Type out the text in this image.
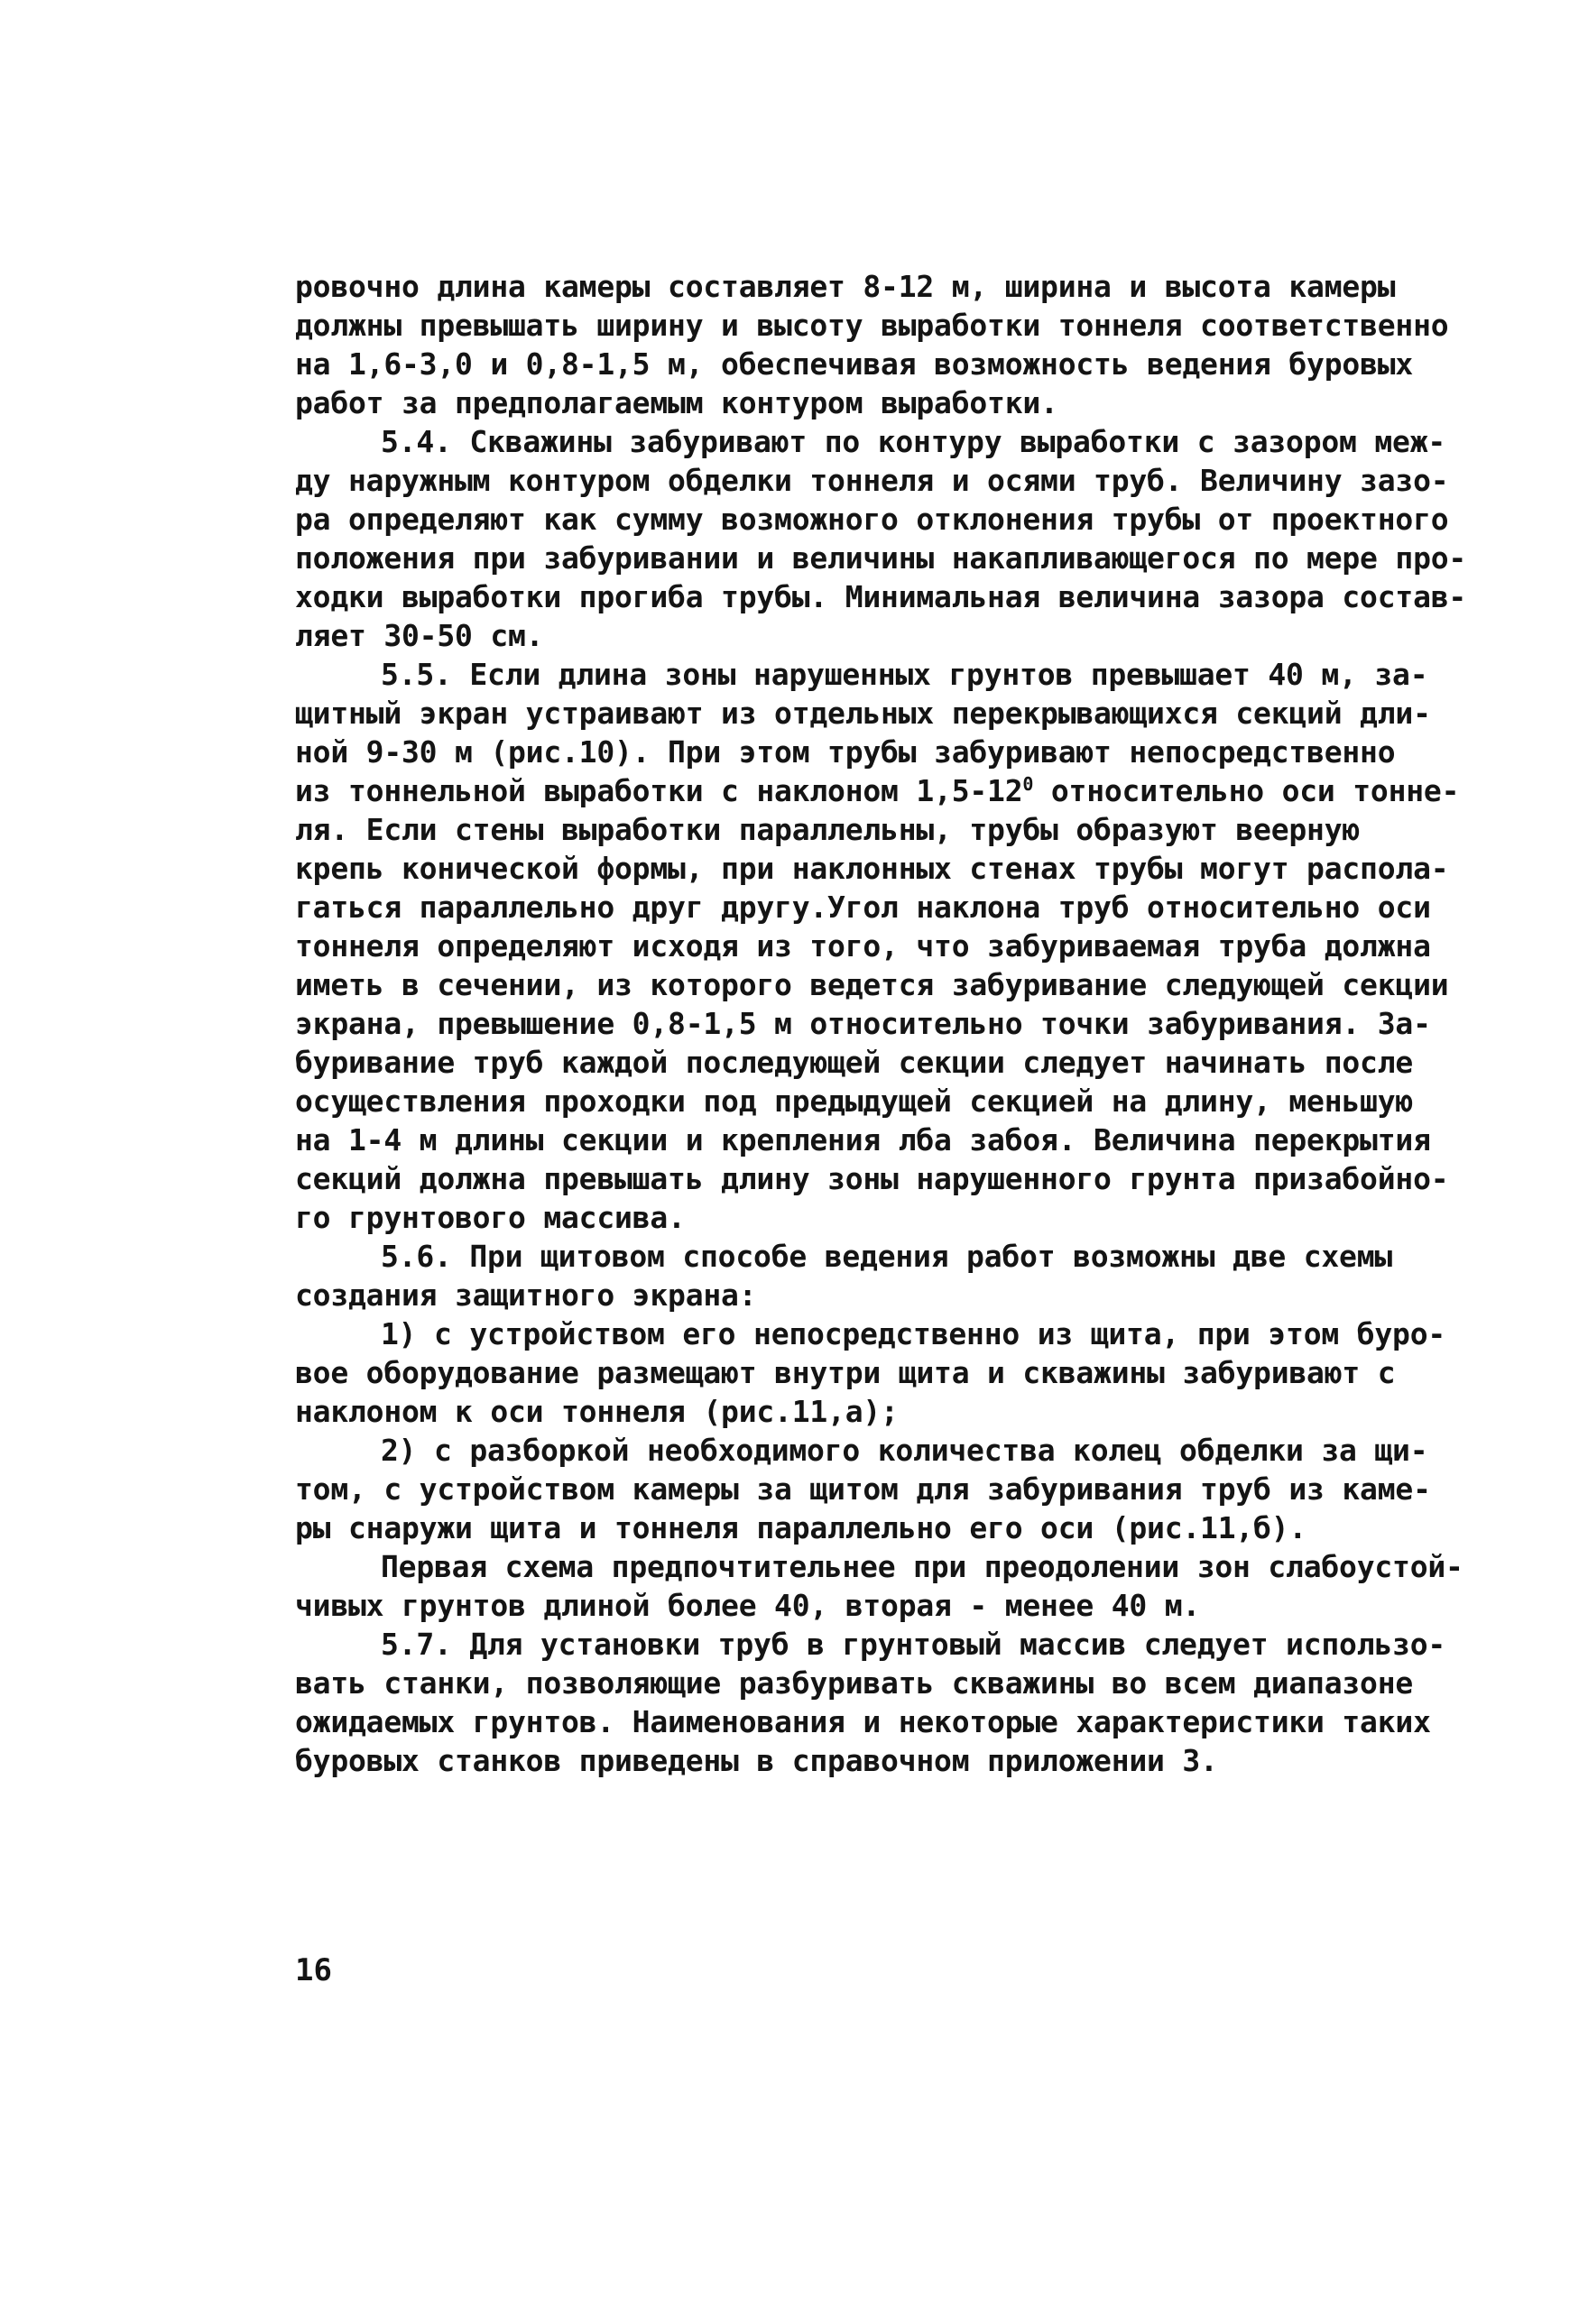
ровочно длина камеры составляет 8-12 м, ширина и высота камеры
должны превышать ширину и высоту выработки тоннеля соответственно
на 1,6-3,0 и 0,8-1,5 м, обеспечивая возможность ведения буровых
работ за предполагаемым контуром выработки.
5.4. Скважины забуривают по контуру выработки с зазором меж-
ду наружным контуром обделки тоннеля и осями труб. Величину зазо-
ра определяют как сумму возможного отклонения трубы от проектного
положения при забуривании и величины накапливающегося по мере про-
ходки выработки прогиба трубы. Минимальная величина зазора состав-
ляет 30-50 см.
5.5. Если длина зоны нарушенных грунтов превышает 40 м, за-
щитный экран устраивают из отдельных перекрывающихся секций дли-
ной 9-30 м (рис.10). При этом трубы забуривают непосредственно
из тоннельной выработки с наклоном $1,5-12^0$ относительно оси тонне-
ля. Если стены выработки параллельны, трубы образуют веерную
крепь конической формы, при наклонных стенах трубы могут распола-
гаться параллельно друг другу.Угол наклона труб относительно оси
тоннеля определяют исходя из того, что забуриваемая труба должна
иметь в сечении, из которого ведется забуривание следующей секции
экрана, превышение 0,8-1,5 м относительно точки забуривания. За-
буривание труб каждой последующей секции следует начинать после
осуществления проходки под предыдущей секцией на длину, меньшую
на 1-4 м длины секции и крепления лба забоя. Величина перекрытия
секций должна превышать длину зоны нарушенного грунта призабойно-
го грунтового массива.
5.6. При щитовом способе ведения работ возможны две схемы
создания защитного экрана:
1) с устройством его непосредственно из щита, при этом буро-
вое оборудование размещают внутри щита и скважины забуривают с
наклоном к оси тоннеля (рис.11,а);
2) с разборкой необходимого количества колец обделки за щи-
том, с устройством камеры за щитом для забуривания труб из каме-
ры снаружи щита и тоннеля параллельно его оси (рис.11,б).
Первая схема предпочтительнее при преодолении зон слабоустой-
чивых грунтов длиной более 40, вторая - менее 40 м.
5.7. Для установки труб в грунтовый массив следует использо-
вать станки, позволяющие разбуривать скважины во всем диапазоне
ожидаемых грунтов. Наименования и некоторые характеристики таких
буровых станков приведены в справочном приложении 3.
16
